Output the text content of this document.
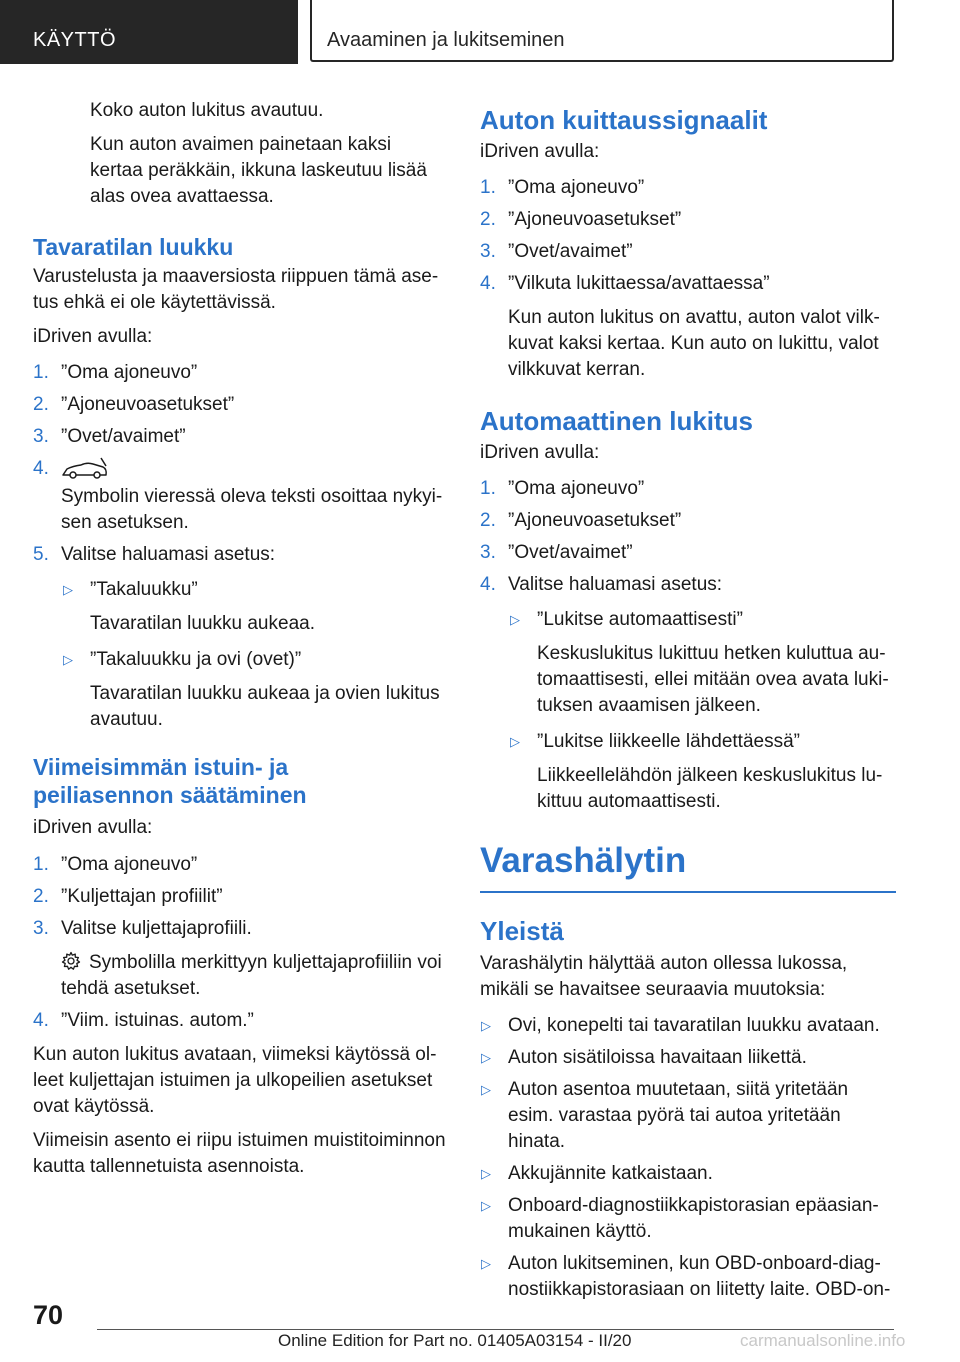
KÄYTTÖ	Avaaminen ja lukitseminen

Koko auton lukitus avautuu.

Kun auton avaimen painetaan kaksi kertaa peräkkäin, ikkuna laskeutuu lisää alas ovea avattaessa.

Tavaratilan luukku

Varustelusta ja maaversiosta riippuen tämä asetus ehkä ei ole käytettävissä.

iDriven avulla:

1. ”Oma ajoneuvo”

2. ”Ajoneuvoasetukset”

3. ”Ovet/avaimet”

4.

Symbolin vieressä oleva teksti osoittaa nykyisen asetuksen.

5. Valitse haluamasi asetus:

▷ ”Takaluukku”

Tavaratilan luukku aukeaa.

▷ ”Takaluukku ja ovi (ovet)”

Tavaratilan luukku aukeaa ja ovien lukitus avautuu.

Viimeisimmän istuin- ja
peiliasennon säätäminen

iDriven avulla:

1. ”Oma ajoneuvo”

2. ”Kuljettajan profiilit”

3. Valitse kuljettajaprofiili.

Symbolilla merkittyyn kuljettajaprofiiliin voi tehdä asetukset.

4. ”Viim. istuinas. autom.”

Kun auton lukitus avataan, viimeksi käytössä olleet kuljettajan istuimen ja ulkopeilien asetukset ovat käytössä.

Viimeisin asento ei riipu istuimen muistitoiminnon kautta tallennetuista asennoista.

Auton kuittaussignaalit

iDriven avulla:

1. ”Oma ajoneuvo”

2. ”Ajoneuvoasetukset”

3. ”Ovet/avaimet”

4. ”Vilkuta lukittaessa/avattaessa”

Kun auton lukitus on avattu, auton valot vilkkuvat kaksi kertaa. Kun auto on lukittu, valot vilkkuvat kerran.

Automaattinen lukitus

iDriven avulla:

1. ”Oma ajoneuvo”

2. ”Ajoneuvoasetukset”

3. ”Ovet/avaimet”

4. Valitse haluamasi asetus:

▷ ”Lukitse automaattisesti”

Keskuslukitus lukittuu hetken kuluttua automaattisesti, ellei mitään ovea avata lukituksen avaamisen jälkeen.

▷ ”Lukitse liikkeelle lähdettäessä”

Liikkeellelähdön jälkeen keskuslukitus lukittuu automaattisesti.

Varashälytin
Yleistä

Varashälytin hälyttää auton ollessa lukossa, mikäli se havaitsee seuraavia muutoksia:

▷ Ovi, konepelti tai tavaratilan luukku avataan.

▷ Auton sisätiloissa havaitaan liikettä.

▷ Auton asentoa muutetaan, siitä yritetään esim. varastaa pyörä tai autoa yritetään hinata.

▷ Akkujännite katkaistaan.

▷ Onboard-diagnostiikkapistorasian epäasianmukainen käyttö.

▷ Auton lukitseminen, kun OBD-onboard-diagnostiikkapistorasiaan on liitetty laite. OBD-on-

70
Online Edition for Part no. 01405A03154 - II/20	carmanualsonline.info
